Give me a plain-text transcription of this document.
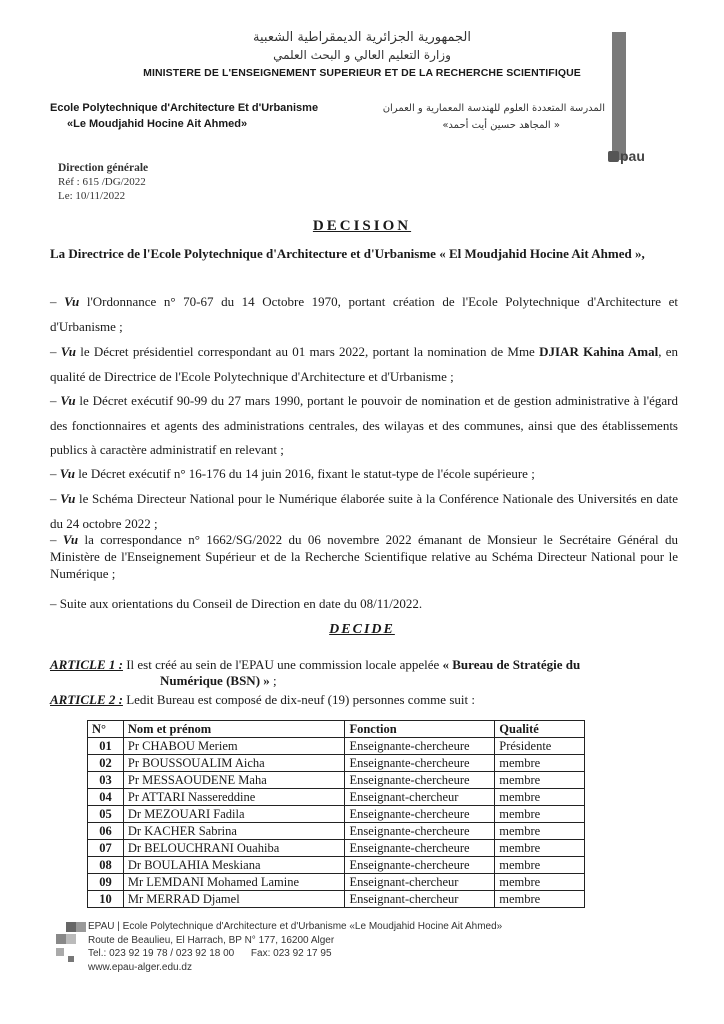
الجمهورية الجزائرية الديمقراطية الشعبية
وزارة التعليم العالي و البحث العلمي
MINISTERE DE L'ENSEIGNEMENT SUPERIEUR ET DE LA RECHERCHE SCIENTIFIQUE
Ecole Polytechnique d'Architecture Et d'Urbanisme
«Le Moudjahid Hocine Ait Ahmed»
المدرسة المتعددة العلوم للهندسة المعمارية و العمران
« المجاهد حسين أيت أحمد»
pau
Direction générale
Réf : 615 /DG/2022
Le: 10/11/2022
DECISION
La Directrice de l'Ecole Polytechnique d'Architecture et d'Urbanisme « El Moudjahid Hocine Ait Ahmed »,
– Vu l'Ordonnance n° 70-67 du 14 Octobre 1970, portant création de l'Ecole Polytechnique d'Architecture et d'Urbanisme ;
– Vu le Décret présidentiel correspondant au 01 mars 2022, portant la nomination de Mme DJIAR Kahina Amal, en qualité de Directrice de l'Ecole Polytechnique d'Architecture et d'Urbanisme ;
– Vu le Décret exécutif 90-99 du 27 mars 1990, portant le pouvoir de nomination et de gestion administrative à l'égard des fonctionnaires et agents des administrations centrales, des wilayas et des communes, ainsi que des établissements publics à caractère administratif en relevant ;
– Vu le Décret exécutif n° 16-176 du 14 juin 2016, fixant le statut-type de l'école supérieure ;
– Vu le Schéma Directeur National pour le Numérique élaborée suite à la Conférence Nationale des Universités en date du 24 octobre 2022 ;
– Vu la correspondance n° 1662/SG/2022 du 06 novembre 2022 émanant de Monsieur le Secrétaire Général du Ministère de l'Enseignement Supérieur et de la Recherche Scientifique relative au Schéma Directeur National pour le Numérique ;
– Suite aux orientations du Conseil de Direction en date du 08/11/2022.
DECIDE
ARTICLE 1 : Il est créé au sein de l'EPAU une commission locale appelée « Bureau de Stratégie du
Numérique (BSN) » ;
ARTICLE 2 : Ledit Bureau est composé de dix-neuf (19) personnes comme suit :
N°	Nom et prénom	Fonction	Qualité
01	Pr CHABOU Meriem	Enseignante-chercheure	Présidente
02	Pr BOUSSOUALIM Aicha	Enseignante-chercheure	membre
03	Pr MESSAOUDENE Maha	Enseignante-chercheure	membre
04	Pr ATTARI Nassereddine	Enseignant-chercheur	membre
05	Dr MEZOUARI Fadila	Enseignante-chercheure	membre
06	Dr KACHER Sabrina	Enseignante-chercheure	membre
07	Dr BELOUCHRANI Ouahiba	Enseignante-chercheure	membre
08	Dr BOULAHIA Meskiana	Enseignante-chercheure	membre
09	Mr LEMDANI Mohamed Lamine	Enseignant-chercheur	membre
10	Mr MERRAD Djamel	Enseignant-chercheur	membre
EPAU | Ecole Polytechnique d'Architecture et d'Urbanisme «Le Moudjahid Hocine Ait Ahmed»
Route de Beaulieu, El Harrach, BP N° 177, 16200 Alger
Tel.: 023 92 19 78 / 023 92 18 00      Fax: 023 92 17 95
www.epau-alger.edu.dz
